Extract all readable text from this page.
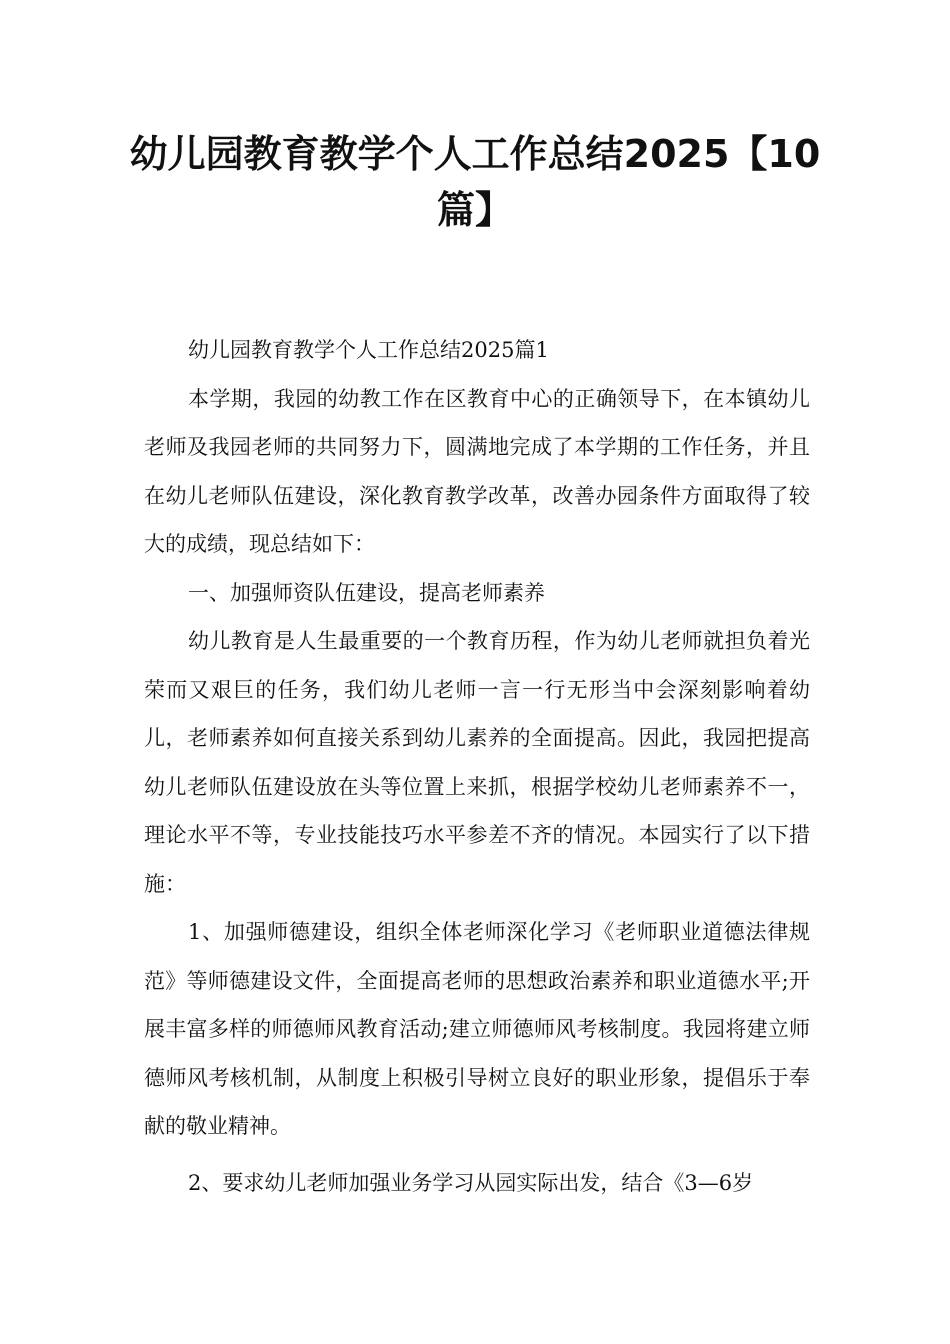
幼儿园教育教学个人工作总结2025【10篇】

幼儿园教育教学个人工作总结2025篇1

本学期，我园的幼教工作在区教育中心的正确领导下，在本镇幼儿老师及我园老师的共同努力下，圆满地完成了本学期的工作任务，并且在幼儿老师队伍建设，深化教育教学改革，改善办园条件方面取得了较大的成绩，现总结如下：

一、加强师资队伍建设，提高老师素养

幼儿教育是人生最重要的一个教育历程，作为幼儿老师就担负着光荣而又艰巨的任务，我们幼儿老师一言一行无形当中会深刻影响着幼儿，老师素养如何直接关系到幼儿素养的全面提高。因此，我园把提高幼儿老师队伍建设放在头等位置上来抓，根据学校幼儿老师素养不一，理论水平不等，专业技能技巧水平参差不齐的情况。本园实行了以下措施：

1、加强师德建设，组织全体老师深化学习《老师职业道德法律规范》等师德建设文件，全面提高老师的思想政治素养和职业道德水平;开展丰富多样的师德师风教育活动;建立师德师风考核制度。我园将建立师德师风考核机制，从制度上积极引导树立良好的职业形象，提倡乐于奉献的敬业精神。

2、要求幼儿老师加强业务学习从园实际出发，结合《3—6岁
